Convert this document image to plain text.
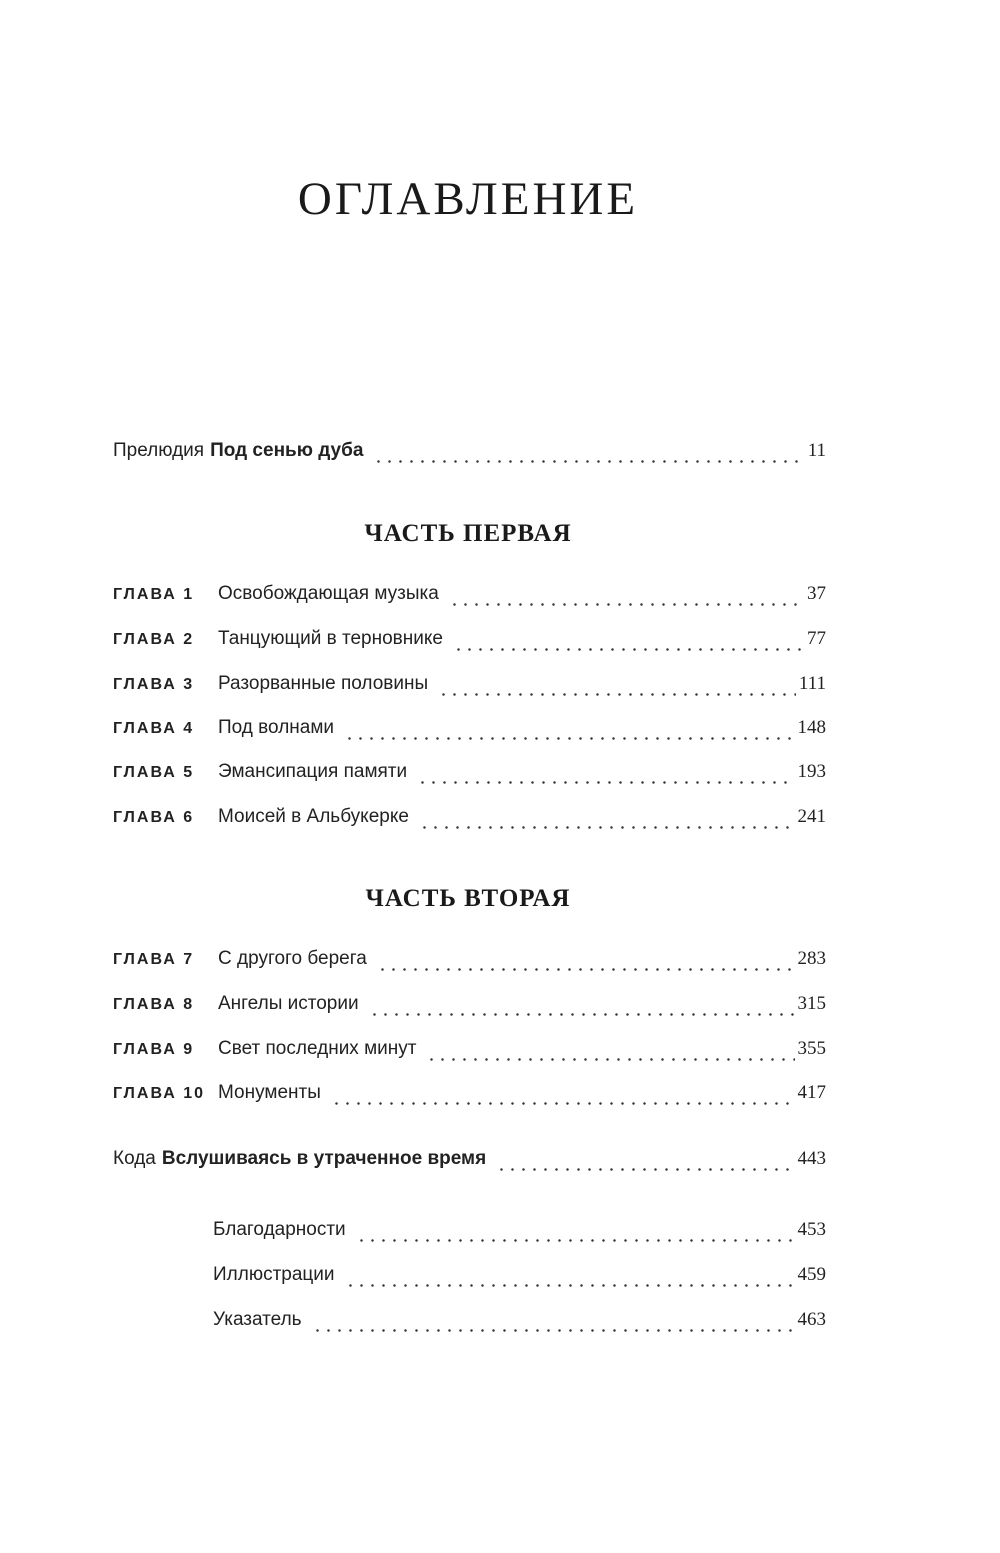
ОГЛАВЛЕНИЕ
Прелюдия Под сенью дуба	11
ЧАСТЬ ПЕРВАЯ
ГЛАВА 1	Освобождающая музыка	37
ГЛАВА 2	Танцующий в терновнике	77
ГЛАВА 3	Разорванные половины	111
ГЛАВА 4	Под волнами	148
ГЛАВА 5	Эмансипация памяти	193
ГЛАВА 6	Моисей в Альбукерке	241
ЧАСТЬ ВТОРАЯ
ГЛАВА 7	С другого берега	283
ГЛАВА 8	Ангелы истории	315
ГЛАВА 9	Свет последних минут	355
ГЛАВА 10 Монументы	417
Кода Вслушиваясь в утраченное время	443
Благодарности	453
Иллюстрации	459
Указатель	463
